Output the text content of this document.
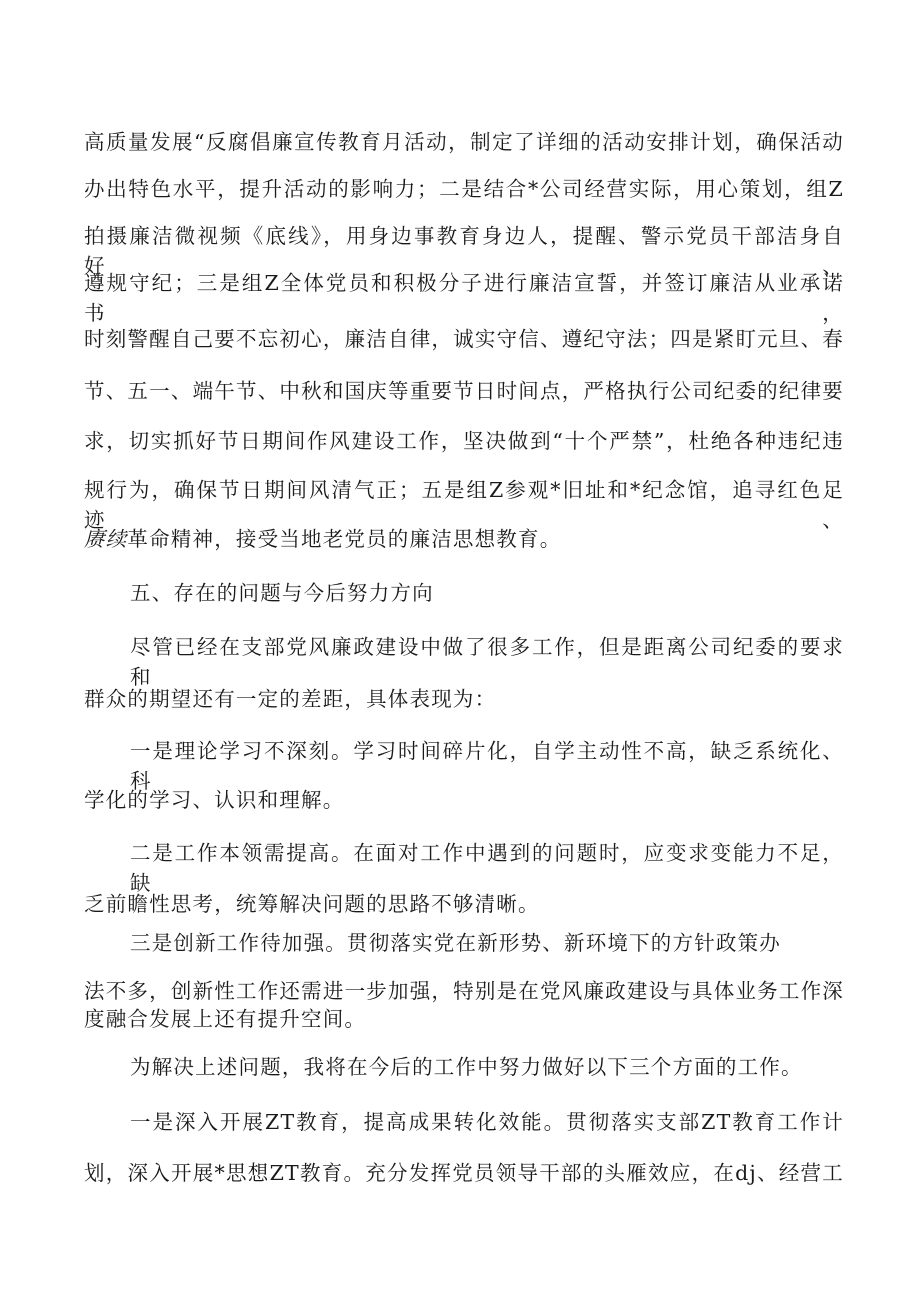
高质量发展“反腐倡廉宣传教育月活动，制定了详细的活动安排计划，确保活动
办出特色水平，提升活动的影响力；二是结合*公司经营实际，用心策划，组Z
拍摄廉洁微视频《底线》，用身边事教育身边人，提醒、警示党员干部洁身自好、
遵规守纪；三是组Z全体党员和积极分子进行廉洁宣誓，并签订廉洁从业承诺书，
时刻警醒自己要不忘初心，廉洁自律，诚实守信、遵纪守法；四是紧盯元旦、春
节、五一、端午节、中秋和国庆等重要节日时间点，严格执行公司纪委的纪律要
求，切实抓好节日期间作风建设工作，坚决做到“十个严禁”，杜绝各种违纪违
规行为，确保节日期间风清气正；五是组Z参观*旧址和*纪念馆，追寻红色足迹、
赓续革命精神，接受当地老党员的廉洁思想教育。
五、存在的问题与今后努力方向
尽管已经在支部党风廉政建设中做了很多工作，但是距离公司纪委的要求和
群众的期望还有一定的差距，具体表现为：
一是理论学习不深刻。学习时间碎片化，自学主动性不高，缺乏系统化、科
学化的学习、认识和理解。
二是工作本领需提高。在面对工作中遇到的问题时，应变求变能力不足，缺
乏前瞻性思考，统筹解决问题的思路不够清晰。
三是创新工作待加强。贯彻落实党在新形势、新环境下的方针政策办
法不多，创新性工作还需进一步加强，特别是在党风廉政建设与具体业务工作深
度融合发展上还有提升空间。
为解决上述问题，我将在今后的工作中努力做好以下三个方面的工作。
一是深入开展ZT教育，提高成果转化效能。贯彻落实支部ZT教育工作计
划，深入开展*思想ZT教育。充分发挥党员领导干部的头雁效应，在dj、经营工
